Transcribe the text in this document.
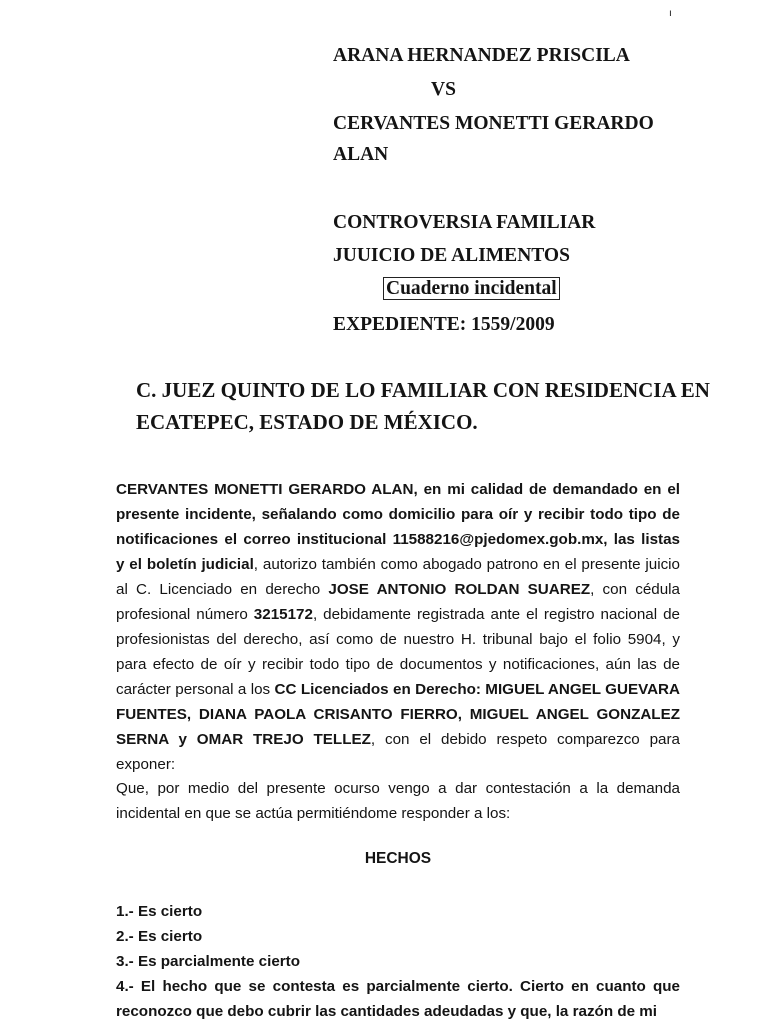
ı
ARANA HERNANDEZ PRISCILA
VS
CERVANTES MONETTI GERARDO
ALAN
CONTROVERSIA FAMILIAR
JUUICIO DE ALIMENTOS
Cuaderno incidental
EXPEDIENTE: 1559/2009
C. JUEZ QUINTO DE LO FAMILIAR CON RESIDENCIA EN ECATEPEC, ESTADO DE MÉXICO.
CERVANTES MONETTI GERARDO ALAN, en mi calidad de demandado en el presente incidente, señalando como domicilio para oír y recibir todo tipo de notificaciones el correo institucional 11588216@pjedomex.gob.mx, las listas y el boletín judicial, autorizo también como abogado patrono en el presente juicio al C. Licenciado en derecho JOSE ANTONIO ROLDAN SUAREZ, con cédula profesional número 3215172, debidamente registrada ante el registro nacional de profesionistas del derecho, así como de nuestro H. tribunal bajo el folio 5904, y para efecto de oír y recibir todo tipo de documentos y notificaciones, aún las de carácter personal a los CC Licenciados en Derecho: MIGUEL ANGEL GUEVARA FUENTES, DIANA PAOLA CRISANTO FIERRO, MIGUEL ANGEL GONZALEZ SERNA y OMAR TREJO TELLEZ, con el debido respeto comparezco para exponer:
Que, por medio del presente ocurso vengo a dar contestación a la demanda incidental en que se actúa permitiéndome responder a los:
HECHOS
1.- Es cierto
2.- Es cierto
3.- Es parcialmente cierto
4.- El hecho que se contesta es parcialmente cierto. Cierto en cuanto que reconozco que debo cubrir las cantidades adeudadas y que, la razón de mi
